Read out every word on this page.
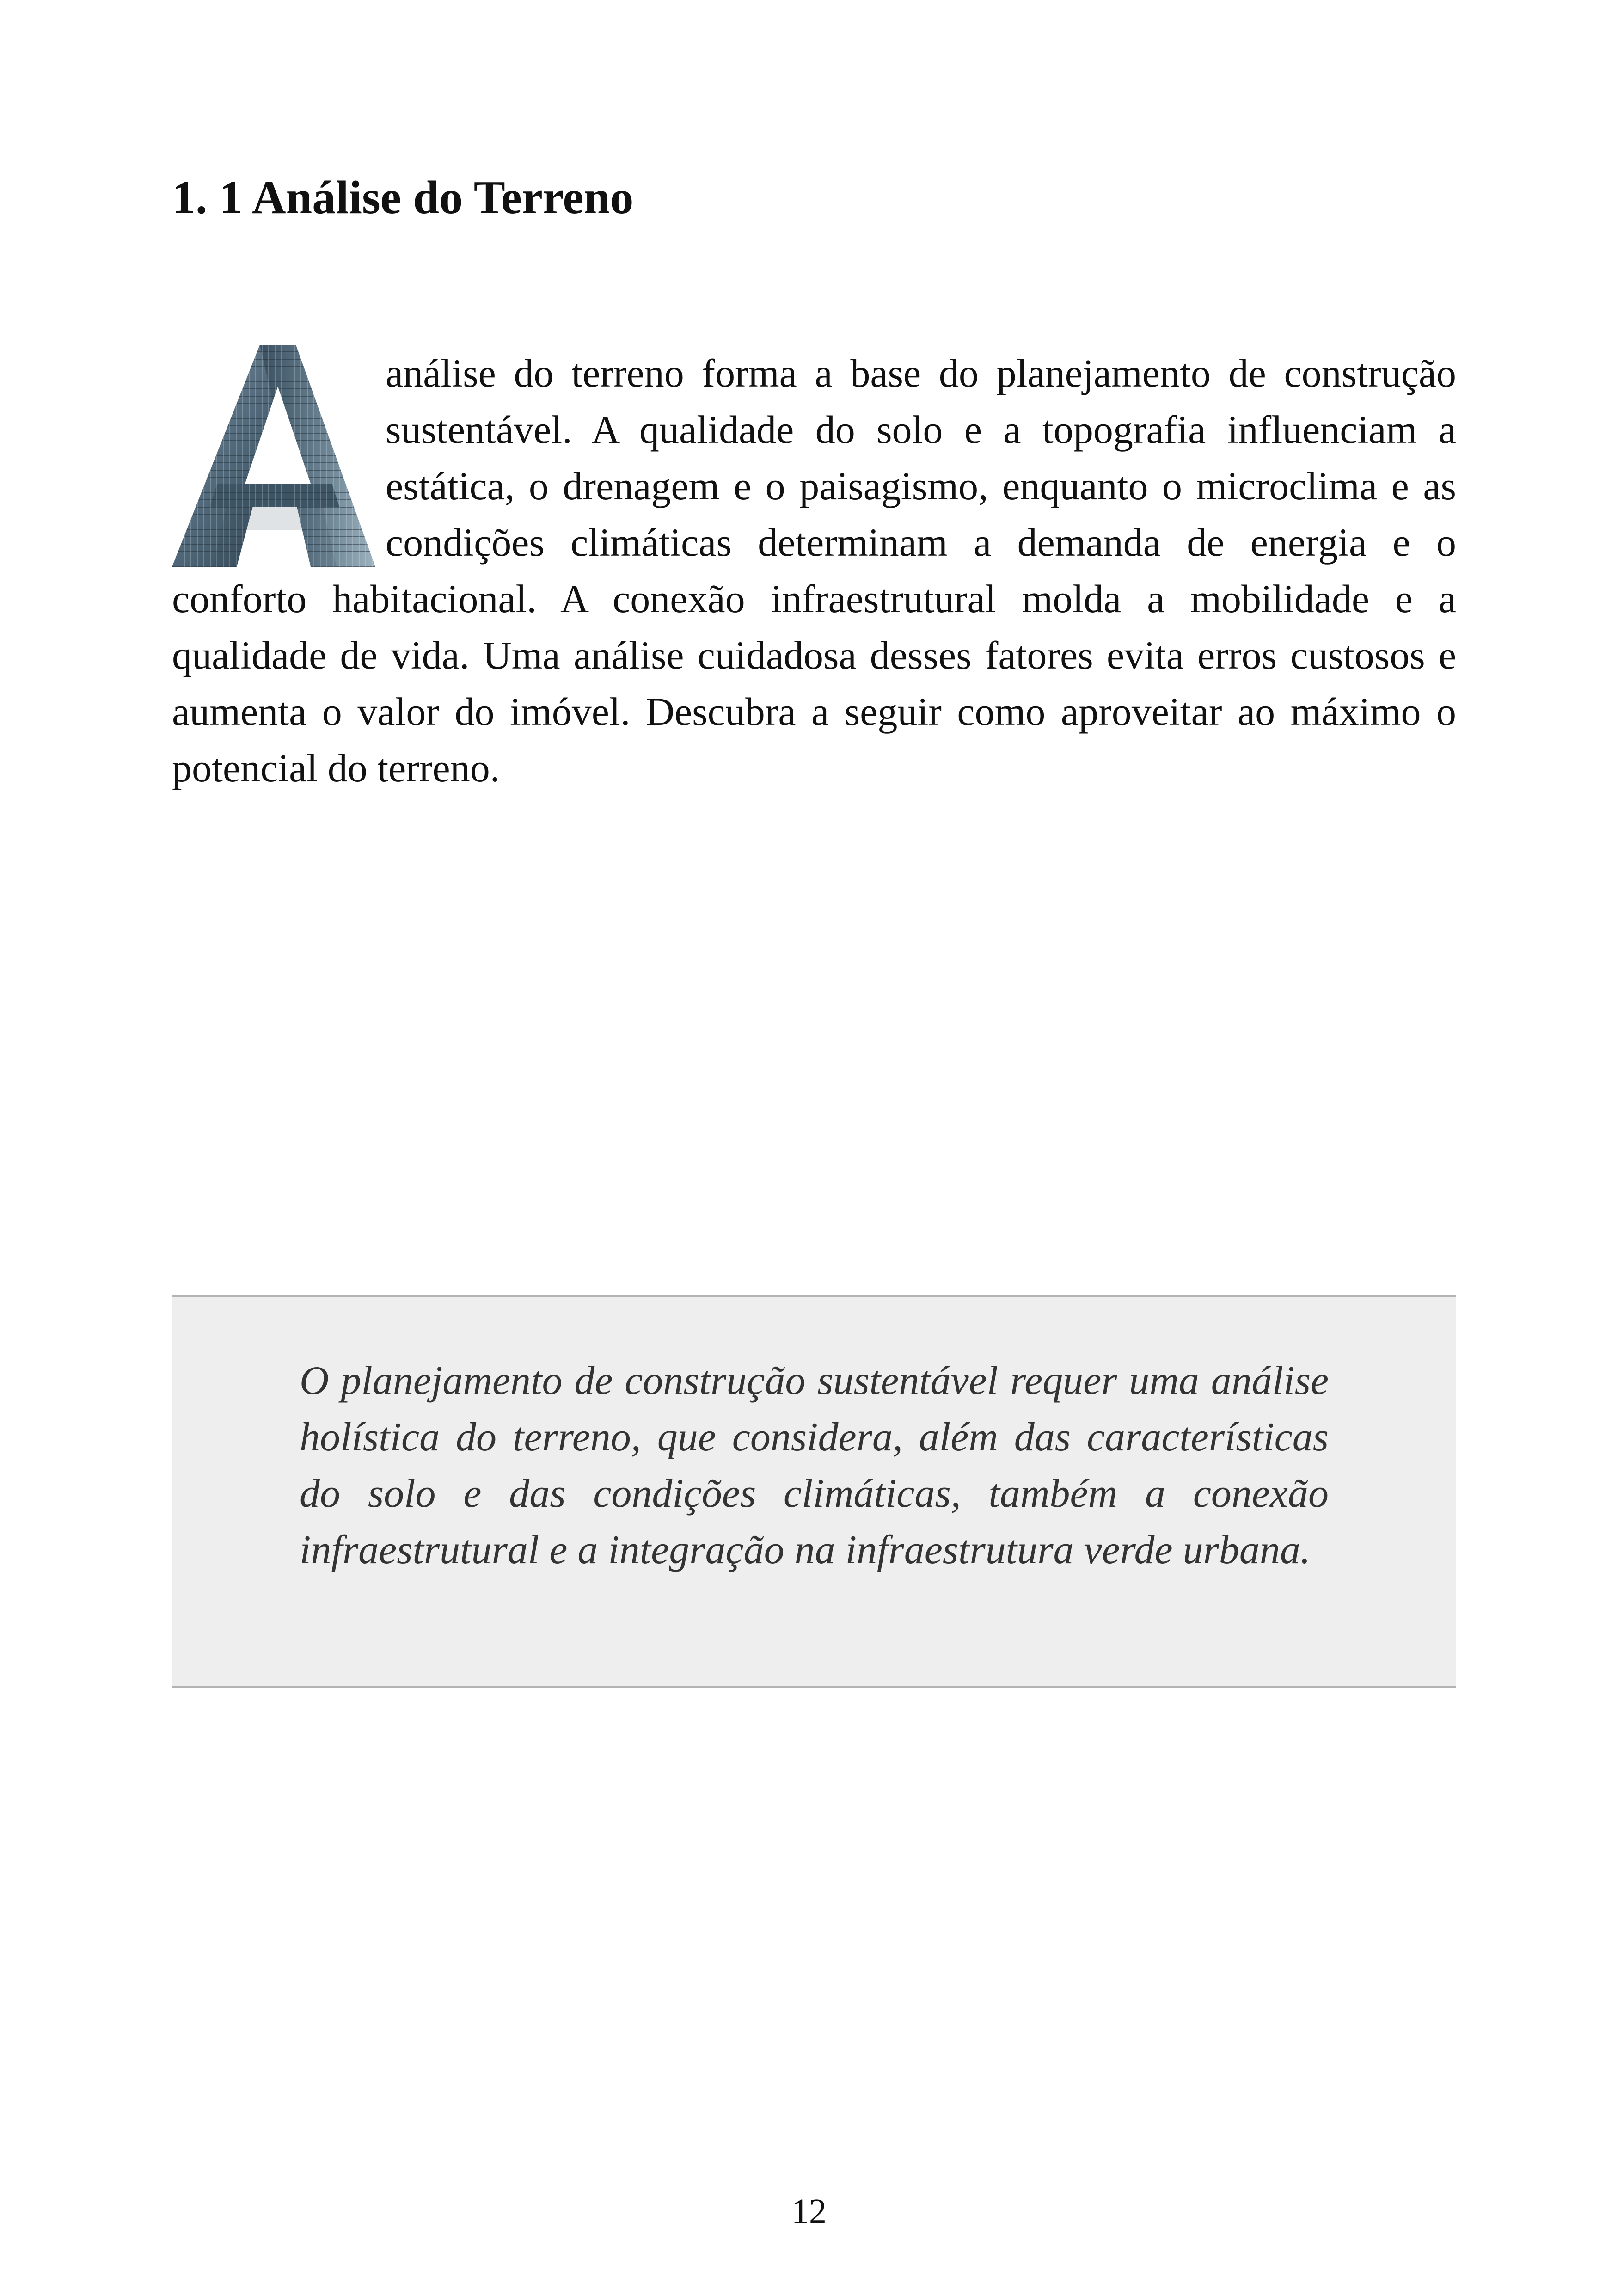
1. 1 Análise do Terreno

análise do terreno forma a base do planejamento de construção sustentável. A qualidade do solo e a topografia influenciam a estática, o drenagem e o paisagismo, enquanto o microclima e as condições climáticas determinam a demanda de energia e o conforto habitacional. A conexão infraestrutural molda a mobilidade e a qualidade de vida. Uma análise cuidadosa desses fatores evita erros custosos e aumenta o valor do imóvel. Descubra a seguir como aproveitar ao máximo o potencial do terreno.

O planejamento de construção sustentável requer uma análise holística do terreno, que considera, além das características do solo e das condições climáticas, também a conexão infraestrutural e a integração na infraestrutura verde urbana.

12
